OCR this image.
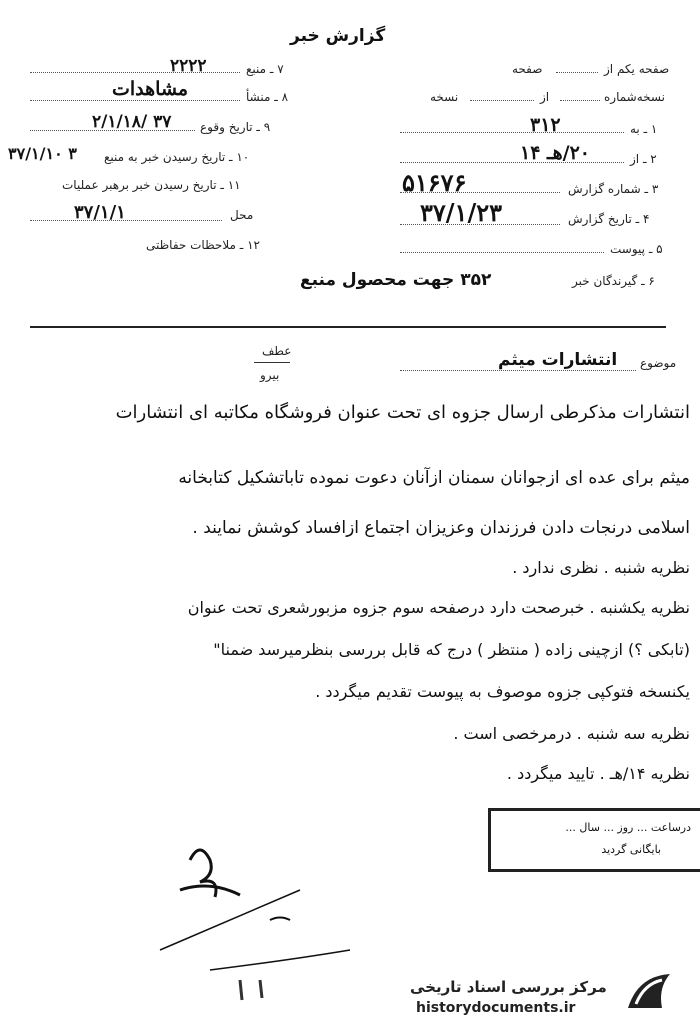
گزارش خبر
۷ ـ منبع
۲۲۲۲
۸ ـ منشأ
مشاهدات
۹ ـ تاریخ وقوع
۲/۱/۱۸/ ۳۷
۱۰ ـ تاریخ رسیدن خبر به منبع
۳۷/۱/۱۰ ۳
۱۱ ـ تاریخ رسیدن خبر برهبر عملیات
محل
۳۷/۱/۱
۱۲ ـ ملاحظات حفاظتی
صفحه یکم از
صفحه
نسخه‌شماره
از
نسخه
۱ ـ به
۳۱۲
۲ ـ از
۲۰/هـ ۱۴
۳ ـ شماره گزارش
۵۱۶۷۶
۴ ـ تاریخ گزارش
۳۷/۱/۲۳
۵ ـ پیوست
۶ ـ گیرندگان خبر
۳۵۲ جهت محصول منبع
موضوع
انتشارات میثم
عطف
بیرو
انتشارات مذکرطی ارسال جزوه ای تحت عنوان فروشگاه مکاتبه ای انتشارات
میثم برای عده ای ازجوانان سمنان ازآنان دعوت نموده تاباتشکیل کتابخانه
اسلامی درنجات دادن فرزندان وعزیزان اجتماع ازافساد کوشش نمایند .
نظریه شنبه . نظری ندارد .
نظریه یکشنبه . خبرصحت دارد درصفحه سوم جزوه مزبورشعری تحت عنوان
(تابکی ؟) ازچینی زاده ( منتظر ) درج که قابل بررسی بنظرمیرسد ضمنا"
یکنسخه فتوکپی جزوه موصوف به پیوست تقدیم میگردد .
نظریه سه شنبه . درمرخصی است .
نظریه ۱۴/هـ . تایید میگردد .
درساعت ... روز ... سال ...
بایگانی گردید
مرکز بررسی اسناد تاریخی
historydocuments.ir
